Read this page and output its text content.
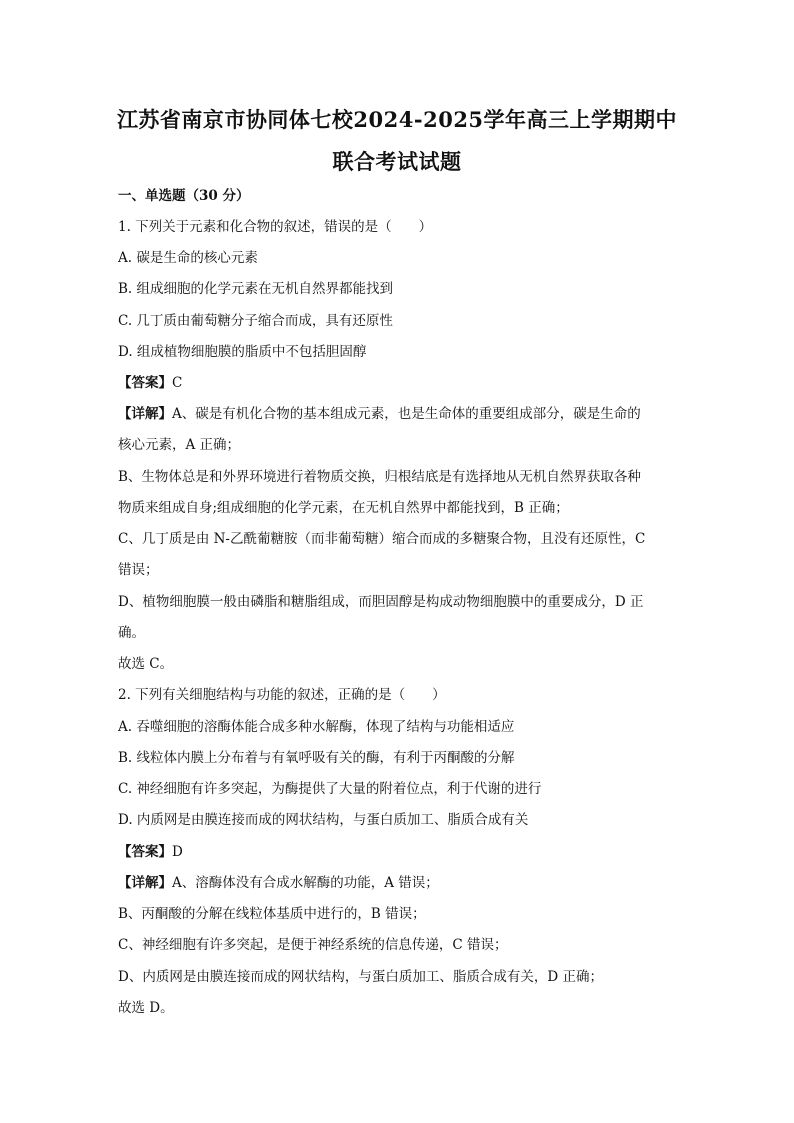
江苏省南京市协同体七校2024-2025学年高三上学期期中
联合考试试题
一、单选题（30 分）
1. 下列关于元素和化合物的叙述，错误的是（　　）
A. 碳是生命的核心元素
B. 组成细胞的化学元素在无机自然界都能找到
C. 几丁质由葡萄糖分子缩合而成，具有还原性
D. 组成植物细胞膜的脂质中不包括胆固醇
【答案】C
【详解】A、碳是有机化合物的基本组成元素，也是生命体的重要组成部分，碳是生命的
核心元素，A 正确；
B、生物体总是和外界环境进行着物质交换，归根结底是有选择地从无机自然界获取各种
物质来组成自身;组成细胞的化学元素，在无机自然界中都能找到，B 正确；
C、几丁质是由 N-乙酰葡糖胺（而非葡萄糖）缩合而成的多糖聚合物，且没有还原性，C
错误；
D、植物细胞膜一般由磷脂和糖脂组成，而胆固醇是构成动物细胞膜中的重要成分，D 正
确。
故选 C。
2. 下列有关细胞结构与功能的叙述，正确的是（　　）
A. 吞噬细胞的溶酶体能合成多种水解酶，体现了结构与功能相适应
B. 线粒体内膜上分布着与有氧呼吸有关的酶，有利于丙酮酸的分解
C. 神经细胞有许多突起，为酶提供了大量的附着位点，利于代谢的进行
D. 内质网是由膜连接而成的网状结构，与蛋白质加工、脂质合成有关
【答案】D
【详解】A、溶酶体没有合成水解酶的功能，A 错误；
B、丙酮酸的分解在线粒体基质中进行的，B 错误；
C、神经细胞有许多突起，是便于神经系统的信息传递，C 错误；
D、内质网是由膜连接而成的网状结构，与蛋白质加工、脂质合成有关，D 正确；
故选 D。
